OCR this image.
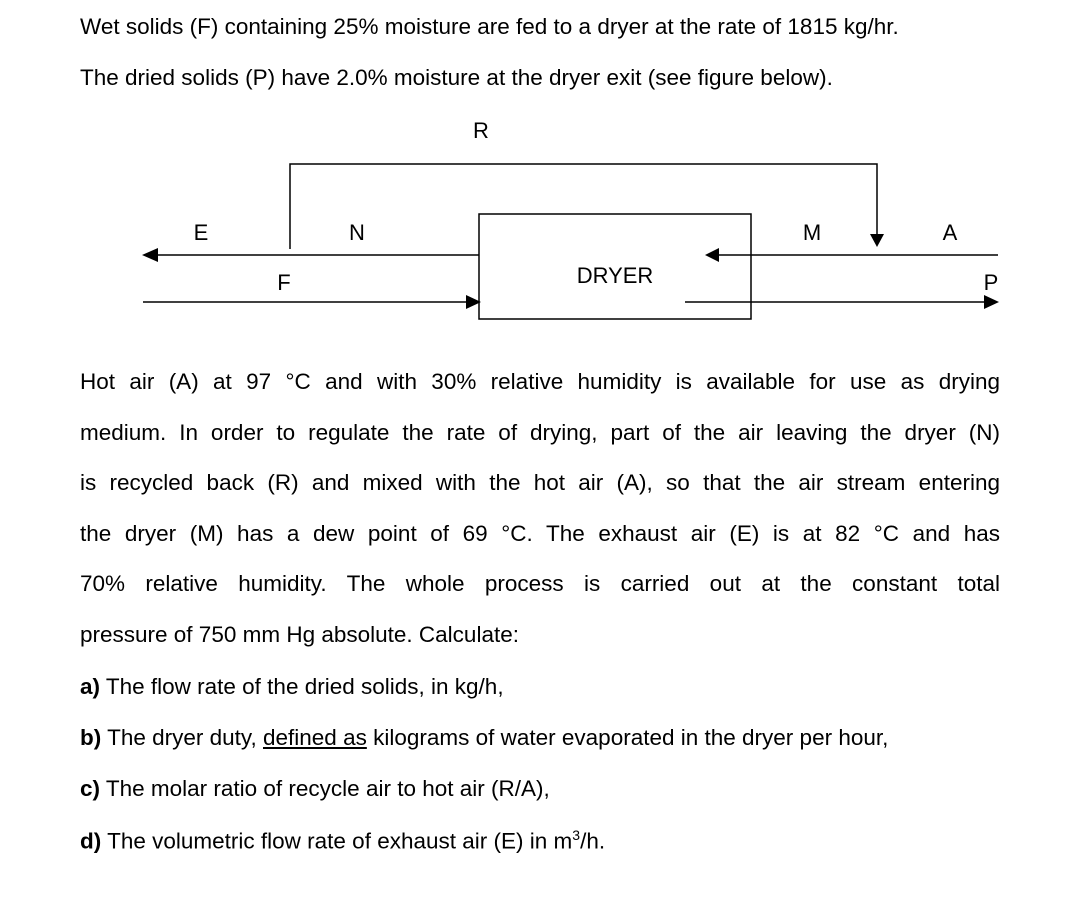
Wet solids (F) containing 25% moisture are fed to a dryer at the rate of 1815 kg/hr.
The dried solids (P) have 2.0% moisture at the dryer exit (see figure below).
DRYER
R
E	N	M	A
F	P
Hot air (A) at 97 °C and with 30% relative humidity is available for use as drying
medium. In order to regulate the rate of drying, part of the air leaving the dryer (N)
is recycled back (R) and mixed with the hot air (A), so that the air stream entering
the dryer (M) has a dew point of 69 °C. The exhaust air (E) is at 82 °C and has
70% relative humidity. The whole process is carried out at the constant total
pressure of 750 mm Hg absolute. Calculate:
a) The flow rate of the dried solids, in kg/h,
b) The dryer duty, defined as kilograms of water evaporated in the dryer per hour,
c) The molar ratio of recycle air to hot air (R/A),
d) The volumetric flow rate of exhaust air (E) in $m^3/h$.
